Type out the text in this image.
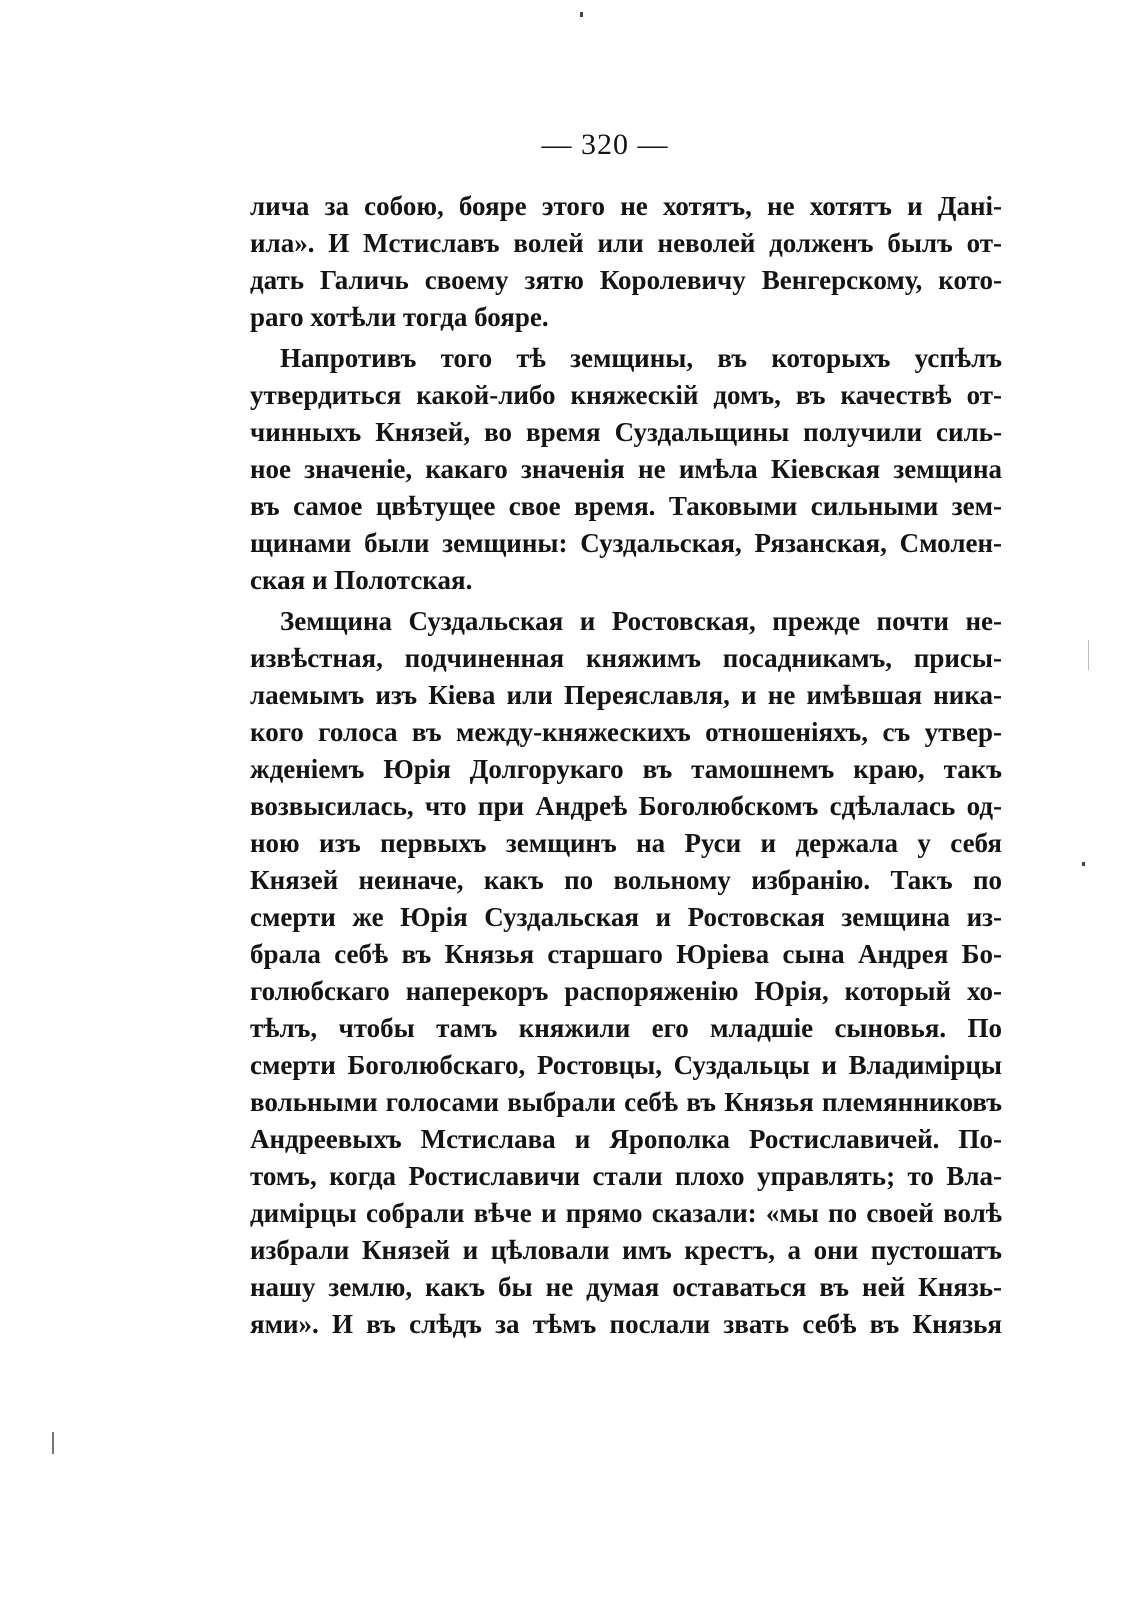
— 320 —
лича за собою, бояре этого не хотятъ, не хотятъ и Дані-
ила». И Мстиславъ волей или неволей долженъ былъ от-
дать Галичь своему зятю Королевичу Венгерскому, кото-
раго хотѣли тогда бояре.
Напротивъ того тѣ земщины, въ которыхъ успѣлъ
утвердиться какой-либо княжескій домъ, въ качествѣ от-
чинныхъ Князей, во время Суздальщины получили силь-
ное значеніе, какаго значенія не имѣла Кіевская земщина
въ самое цвѣтущее свое время. Таковыми сильными зем-
щинами были земщины: Суздальская, Рязанская, Смолен-
ская и Полотская.
Земщина Суздальская и Ростовская, прежде почти не-
извѣстная, подчиненная княжимъ посадникамъ, присы-
лаемымъ изъ Кіева или Переяславля, и не имѣвшая ника-
кого голоса въ между-княжескихъ отношеніяхъ, съ утвер-
жденіемъ Юрія Долгорукаго въ тамошнемъ краю, такъ
возвысилась, что при Андреѣ Боголюбскомъ сдѣлалась од-
ною изъ первыхъ земщинъ на Руси и держала у себя
Князей неиначе, какъ по вольному избранію. Такъ по
смерти же Юрія Суздальская и Ростовская земщина из-
брала себѣ въ Князья старшаго Юріева сына Андрея Бо-
голюбскаго наперекоръ распоряженію Юрія, который хо-
тѣлъ, чтобы тамъ княжили его младшіе сыновья. По
смерти Боголюбскаго, Ростовцы, Суздальцы и Владимірцы
вольными голосами выбрали себѣ въ Князья племянниковъ
Андреевыхъ Мстислава и Ярополка Ростиславичей. По-
томъ, когда Ростиславичи стали плохо управлять; то Вла-
димірцы собрали вѣче и прямо сказали: «мы по своей волѣ
избрали Князей и цѣловали имъ крестъ, а они пустошатъ
нашу землю, какъ бы не думая оставаться въ ней Князь-
ями». И въ слѣдъ за тѣмъ послали звать себѣ въ Князья
